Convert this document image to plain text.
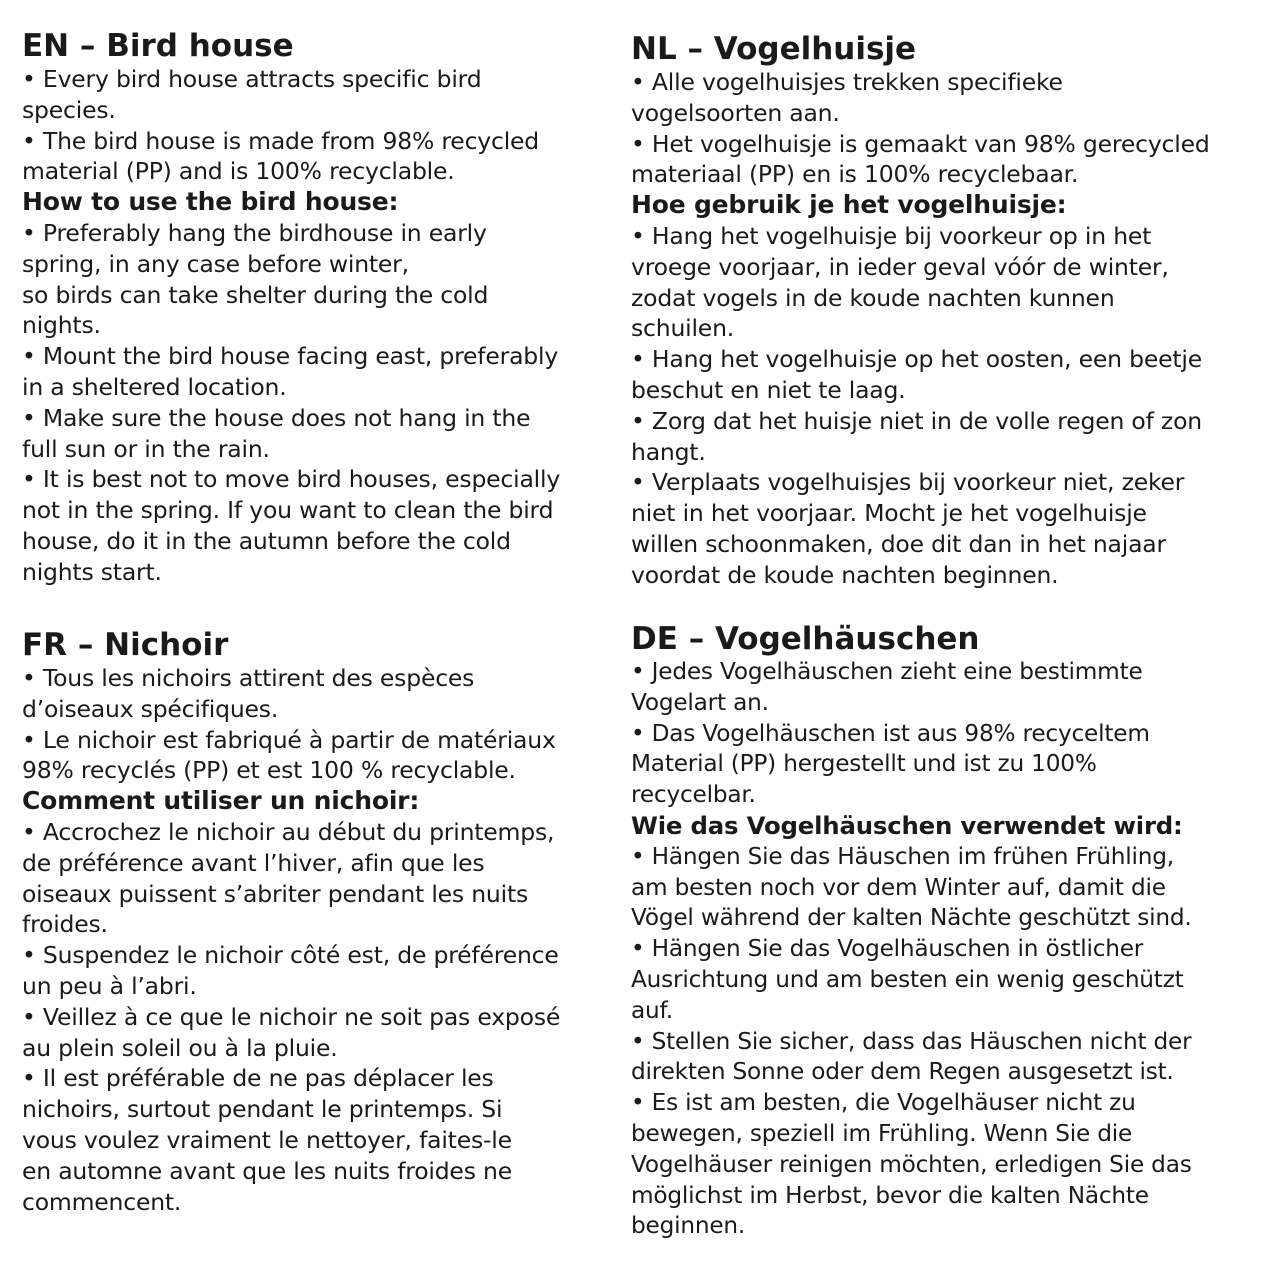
EN – Bird house
• Every bird house attracts specific bird
species.
• The bird house is made from 98% recycled
material (PP) and is 100% recyclable.
How to use the bird house:
• Preferably hang the birdhouse in early
spring, in any case before winter,
so birds can take shelter during the cold
nights.
• Mount the bird house facing east, preferably
in a sheltered location.
• Make sure the house does not hang in the
full sun or in the rain.
• It is best not to move bird houses, especially
not in the spring. If you want to clean the bird
house, do it in the autumn before the cold
nights start.
NL – Vogelhuisje
• Alle vogelhuisjes trekken specifieke
vogelsoorten aan.
• Het vogelhuisje is gemaakt van 98% gerecycled
materiaal (PP) en is 100% recyclebaar.
Hoe gebruik je het vogelhuisje:
• Hang het vogelhuisje bij voorkeur op in het
vroege voorjaar, in ieder geval vóór de winter,
zodat vogels in de koude nachten kunnen
schuilen.
• Hang het vogelhuisje op het oosten, een beetje
beschut en niet te laag.
• Zorg dat het huisje niet in de volle regen of zon
hangt.
• Verplaats vogelhuisjes bij voorkeur niet, zeker
niet in het voorjaar. Mocht je het vogelhuisje
willen schoonmaken, doe dit dan in het najaar
voordat de koude nachten beginnen.
FR – Nichoir
• Tous les nichoirs attirent des espèces
d’oiseaux spécifiques.
• Le nichoir est fabriqué à partir de matériaux
98% recyclés (PP) et est 100 % recyclable.
Comment utiliser un nichoir:
• Accrochez le nichoir au début du printemps,
de préférence avant l’hiver, afin que les
oiseaux puissent s’abriter pendant les nuits
froides.
• Suspendez le nichoir côté est, de préférence
un peu à l’abri.
• Veillez à ce que le nichoir ne soit pas exposé
au plein soleil ou à la pluie.
• Il est préférable de ne pas déplacer les
nichoirs, surtout pendant le printemps. Si
vous voulez vraiment le nettoyer, faites-le
en automne avant que les nuits froides ne
commencent.
DE – Vogelhäuschen
• Jedes Vogelhäuschen zieht eine bestimmte
Vogelart an.
• Das Vogelhäuschen ist aus 98% recyceltem
Material (PP) hergestellt und ist zu 100%
recycelbar.
Wie das Vogelhäuschen verwendet wird:
• Hängen Sie das Häuschen im frühen Frühling,
am besten noch vor dem Winter auf, damit die
Vögel während der kalten Nächte geschützt sind.
• Hängen Sie das Vogelhäuschen in östlicher
Ausrichtung und am besten ein wenig geschützt
auf.
• Stellen Sie sicher, dass das Häuschen nicht der
direkten Sonne oder dem Regen ausgesetzt ist.
• Es ist am besten, die Vogelhäuser nicht zu
bewegen, speziell im Frühling. Wenn Sie die
Vogelhäuser reinigen möchten, erledigen Sie das
möglichst im Herbst, bevor die kalten Nächte
beginnen.
